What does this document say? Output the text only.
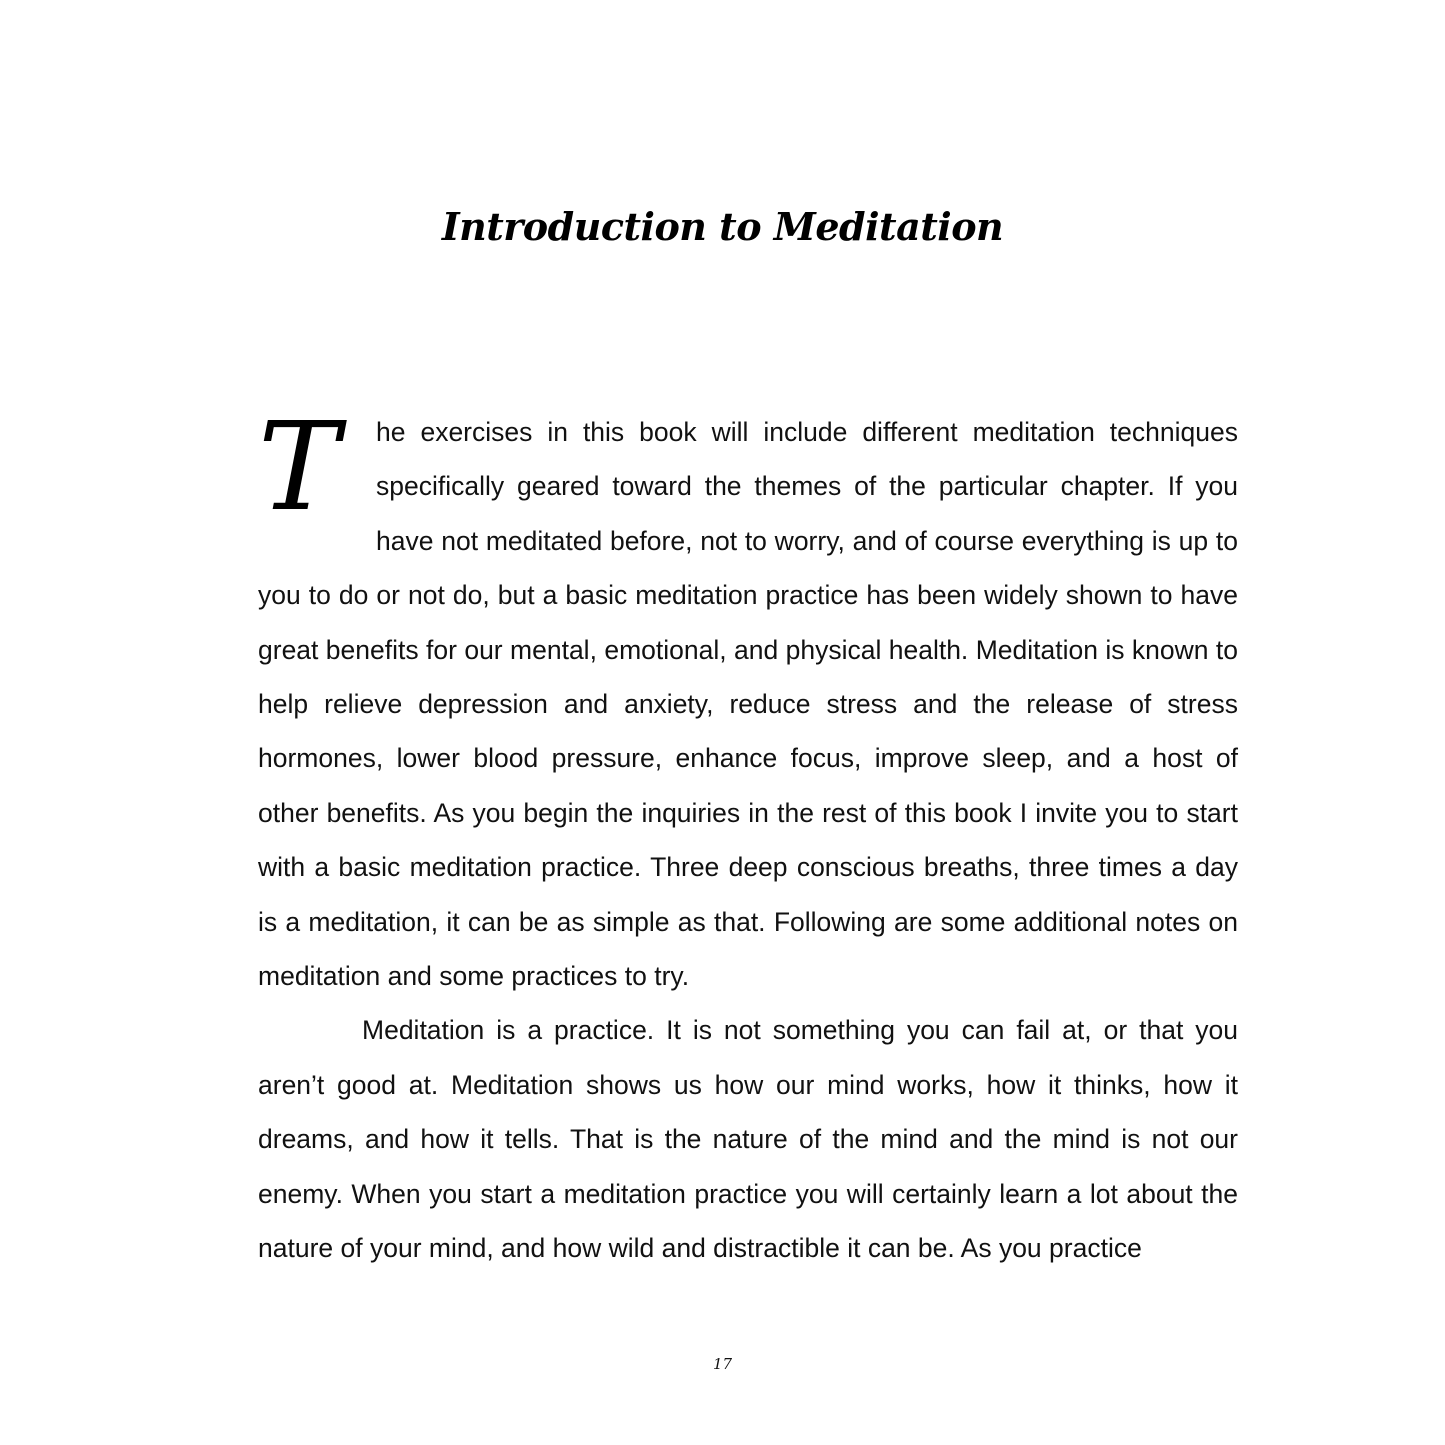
Introduction to Meditation

T	he exercises in this book will include different meditation techniques specifically geared toward the themes of the particular chapter. If you have not meditated before, not to worry, and of course everything is up to you to do or not do, but a basic meditation practice has been widely shown to have great benefits for our mental, emotional, and physical health. Meditation is known to help relieve depression and anxiety, reduce stress and the release of stress hormones, lower blood pressure, enhance focus, improve sleep, and a host of other benefits. As you begin the inquiries in the rest of this book I invite you to start with a basic meditation practice. Three deep conscious breaths, three times a day is a meditation, it can be as simple as that. Following are some additional notes on meditation and some practices to try.

Meditation is a practice. It is not something you can fail at, or that you aren’t good at. Meditation shows us how our mind works, how it thinks, how it dreams, and how it tells. That is the nature of the mind and the mind is not our enemy. When you start a meditation practice you will certainly learn a lot about the nature of your mind, and how wild and distractible it can be. As you practice

17
